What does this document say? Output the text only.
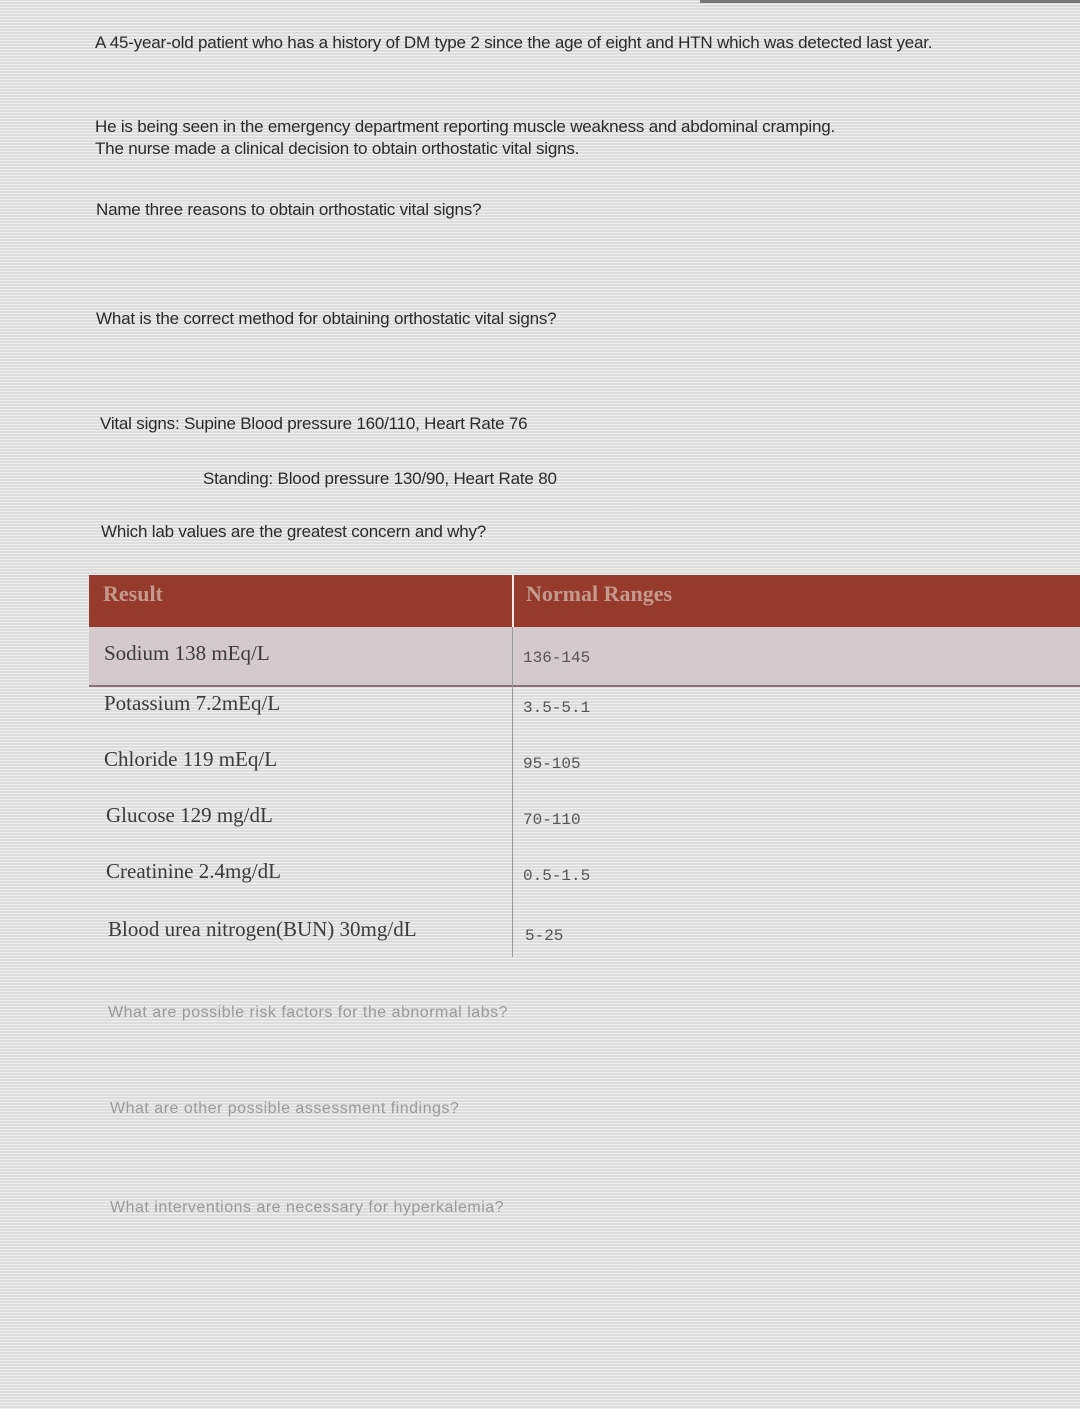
A 45-year-old patient who has a history of DM type 2 since the age of eight and HTN which was detected last year.
He is being seen in the emergency department reporting muscle weakness and abdominal cramping.
The nurse made a clinical decision to obtain orthostatic vital signs.
Name three reasons to obtain orthostatic vital signs?
What is the correct method for obtaining orthostatic vital signs?
Vital signs: Supine Blood pressure 160/110, Heart Rate 76
Standing: Blood pressure 130/90, Heart Rate 80
Which lab values are the greatest concern and why?
Result	Normal Ranges
Sodium 138 mEq/L	136-145
Potassium 7.2mEq/L	3.5-5.1
Chloride 119 mEq/L	95-105
Glucose 129 mg/dL	70-110
Creatinine 2.4mg/dL	0.5-1.5
Blood urea nitrogen(BUN) 30mg/dL	5-25
What are possible risk factors for the abnormal labs?
What are other possible assessment findings?
What interventions are necessary for hyperkalemia?
